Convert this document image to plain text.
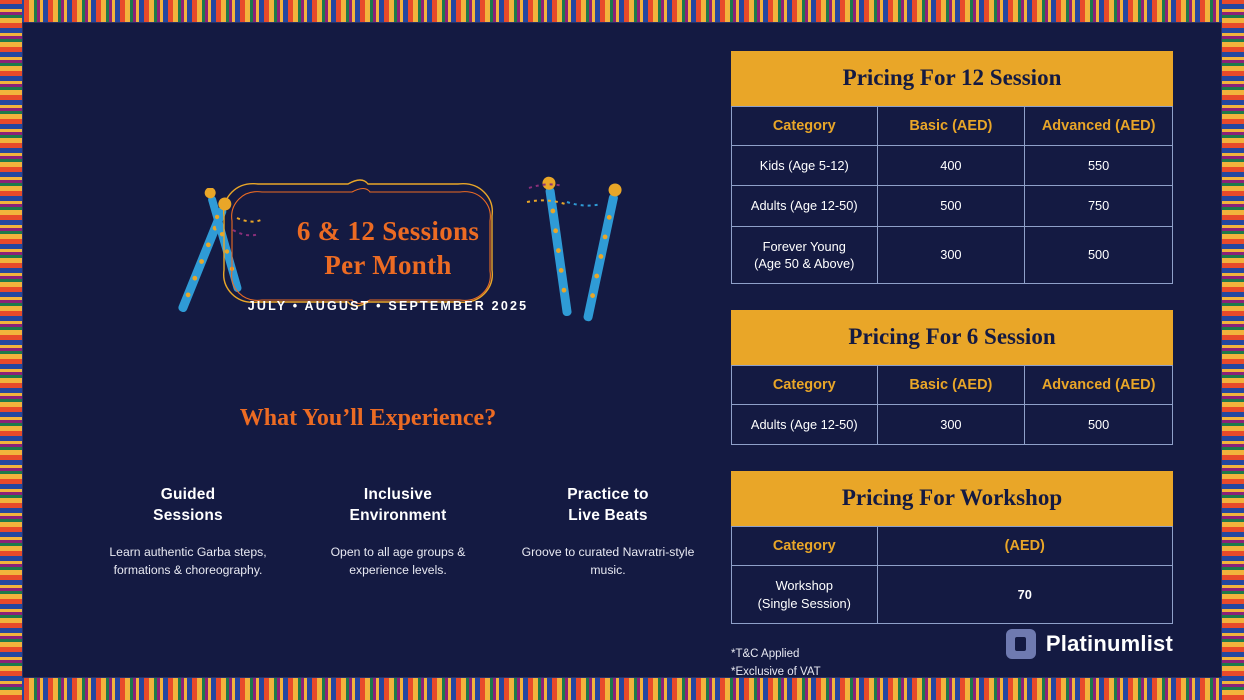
6 & 12 Sessions
Per Month
JULY • AUGUST • SEPTEMBER 2025
What You’ll Experience?
Guided
Sessions
Learn authentic Garba steps, formations & choreography.
Inclusive
Environment
Open to all age groups & experience levels.
Practice to
Live Beats
Groove to curated Navratri-style music.
Pricing For 12 Session
Category	Basic (AED)	Advanced (AED)
Kids (Age 5-12)	400	550
Adults (Age 12-50)	500	750

Forever Young
(Age 50 & Above)	300	500
Pricing For 6 Session
Category	Basic (AED)	Advanced (AED)
Adults (Age 12-50)	300	500
Pricing For Workshop
Category	(AED)

Workshop
(Single Session)	70
*T&C Applied
*Exclusive of VAT
Platinumlist
